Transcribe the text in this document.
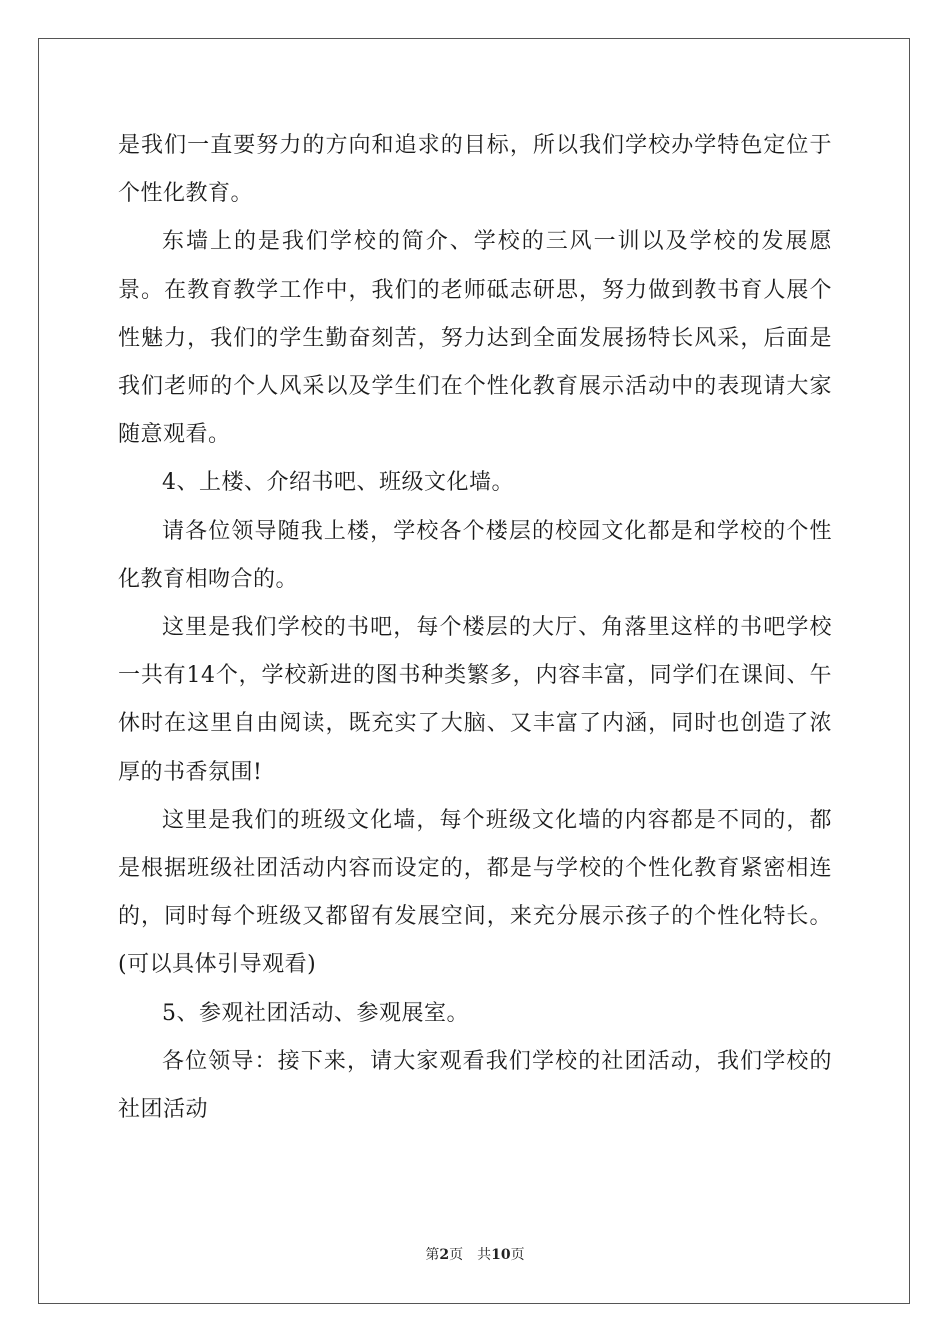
是我们一直要努力的方向和追求的目标，所以我们学校办学特色定位于个性化教育。

东墙上的是我们学校的简介、学校的三风一训以及学校的发展愿景。在教育教学工作中，我们的老师砥志研思，努力做到教书育人展个性魅力，我们的学生勤奋刻苦，努力达到全面发展扬特长风采，后面是我们老师的个人风采以及学生们在个性化教育展示活动中的表现请大家随意观看。

4、上楼、介绍书吧、班级文化墙。

请各位领导随我上楼，学校各个楼层的校园文化都是和学校的个性化教育相吻合的。

这里是我们学校的书吧，每个楼层的大厅、角落里这样的书吧学校一共有14个，学校新进的图书种类繁多，内容丰富，同学们在课间、午休时在这里自由阅读，既充实了大脑、又丰富了内涵，同时也创造了浓厚的书香氛围!

这里是我们的班级文化墙，每个班级文化墙的内容都是不同的，都是根据班级社团活动内容而设定的，都是与学校的个性化教育紧密相连的，同时每个班级又都留有发展空间，来充分展示孩子的个性化特长。(可以具体引导观看)

5、参观社团活动、参观展室。

各位领导：接下来，请大家观看我们学校的社团活动，我们学校的社团活动

第2页 共10页
